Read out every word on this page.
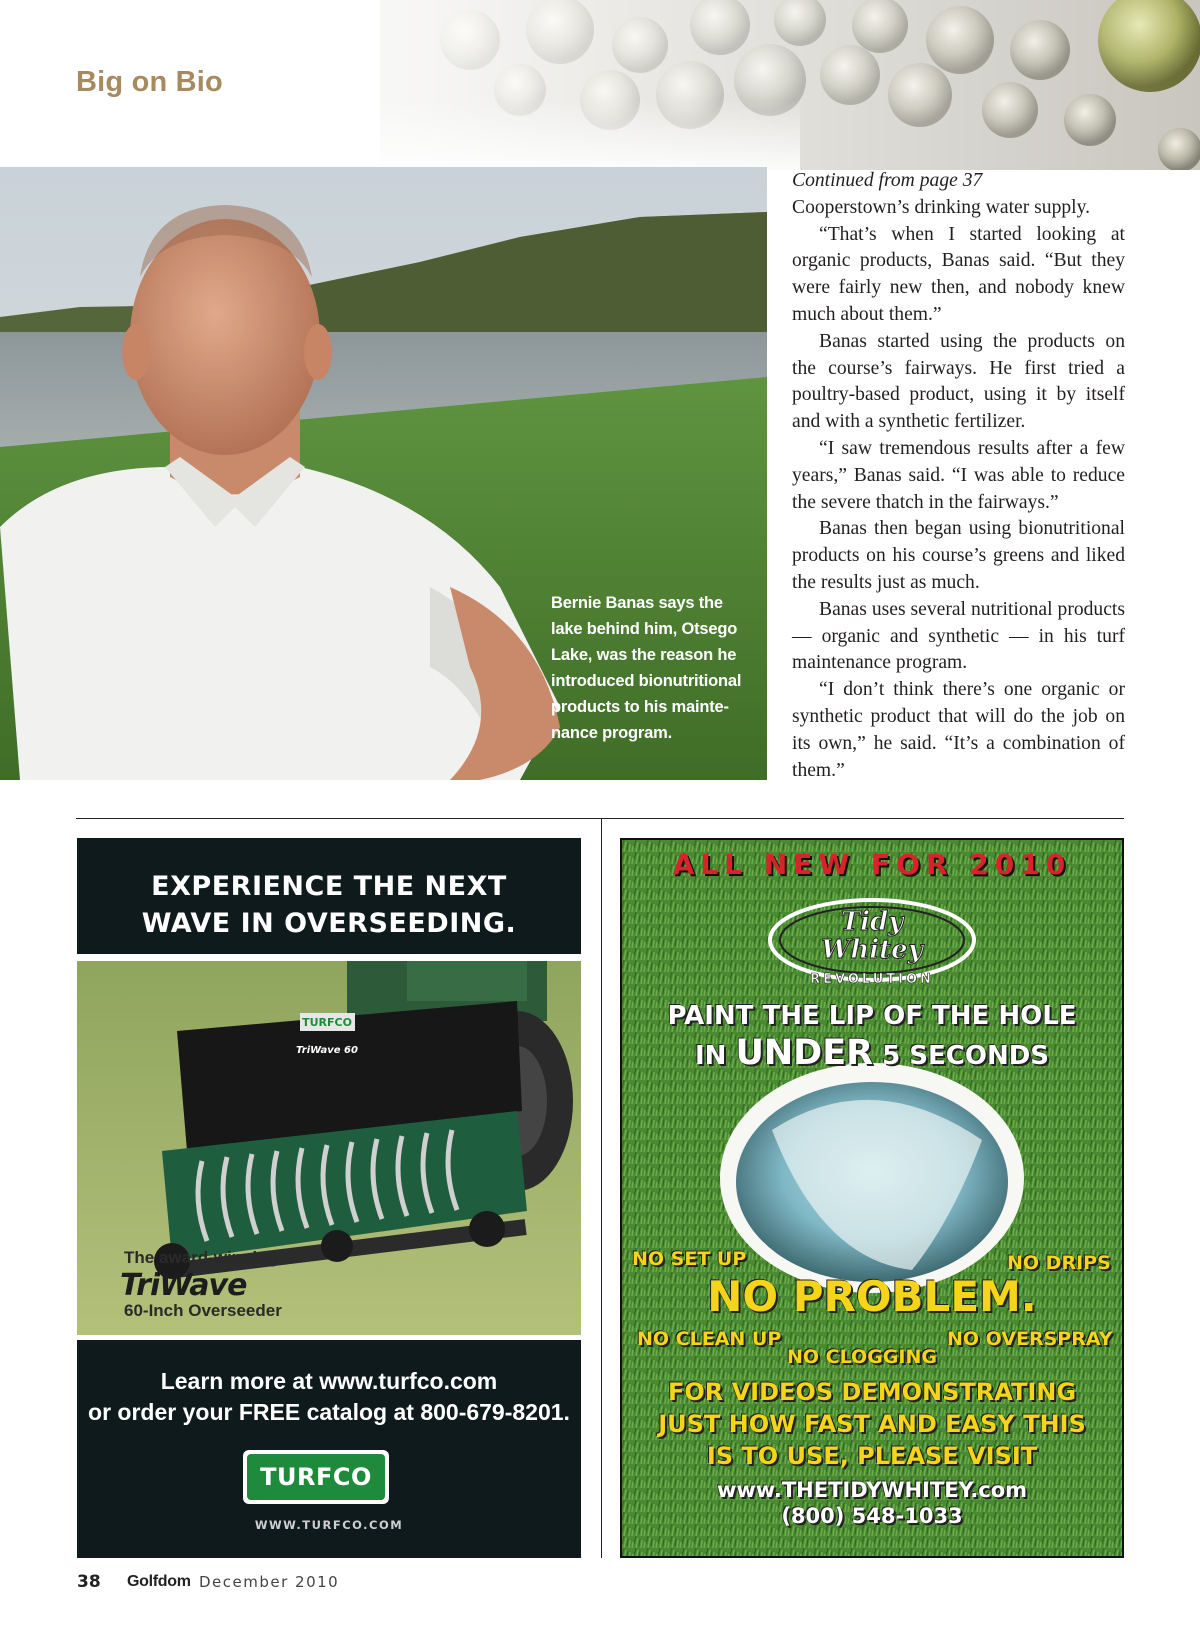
Big on Bio
Bernie Banas says the lake behind him, Otsego Lake, was the reason he introduced bionutritional products to his mainte-nance program.
Continued from page 37

Cooperstown’s drinking water supply.

“That’s when I started looking at organic products, Banas said. “But they were fairly new then, and nobody knew much about them.”

Banas started using the products on the course’s fairways. He first tried a poultry-based product, using it by itself and with a synthetic fertilizer.

“I saw tremendous results after a few years,” Banas said. “I was able to reduce the severe thatch in the fairways.”

Banas then began using bionutritional products on his course’s greens and liked the results just as much.

Banas uses several nutritional products — organic and synthetic — in his turf maintenance program.

“I don’t think there’s one organic or synthetic product that will do the job on its own,” he said. “It’s a combination of them.”

EXPERIENCE THE NEXT
WAVE IN OVERSEEDING.
TURFCO
TriWave 60
The award-winning
TriWave
60-Inch Overseeder
Learn more at www.turfco.com
or order your FREE catalog at 800-679-8201.
TURFCO
WWW.TURFCO.COM
Tidy
Whitey
REVOLUTION
ALL NEW FOR 2010
PAINT THE LIP OF THE HOLE
IN UNDER 5 SECONDS
NO SET UP	NO DRIPS
NO PROBLEM.
NO CLEAN UP	NO OVERSPRAY
NO CLOGGING
FOR VIDEOS DEMONSTRATING
JUST HOW FAST AND EASY THIS
IS TO USE, PLEASE VISIT
www.THETIDYWHITEY.com
(800) 548-1033
38 Golfdom December 2010
